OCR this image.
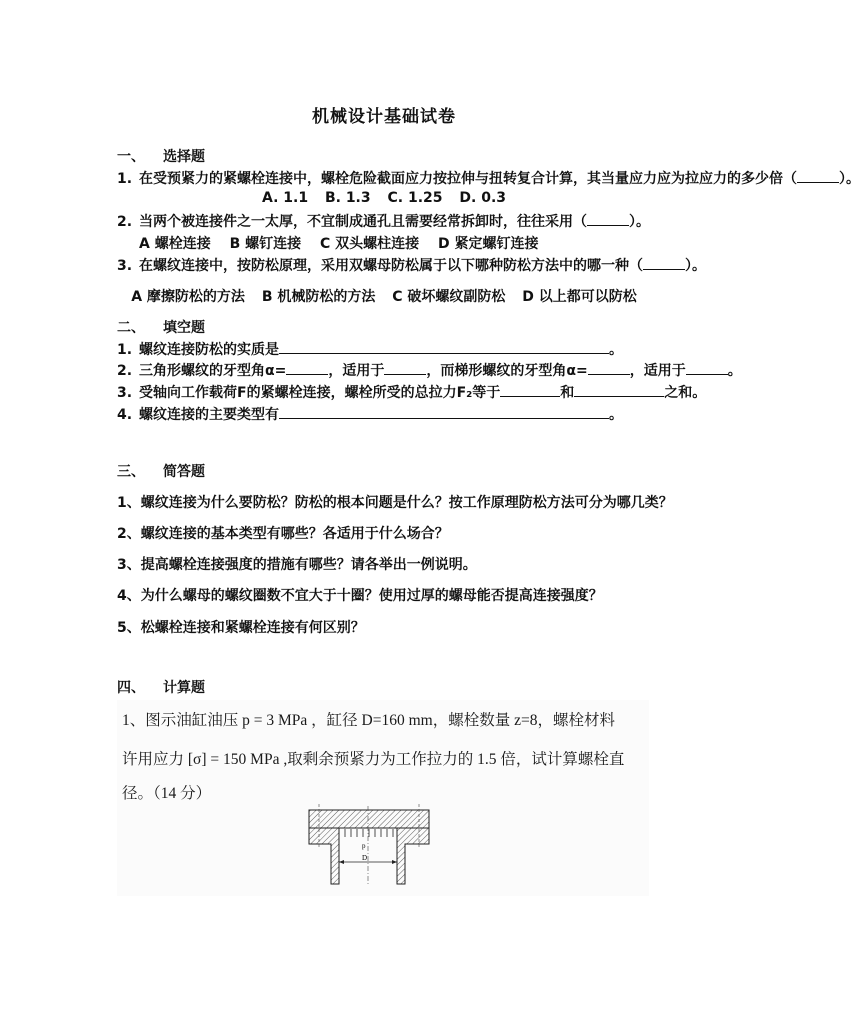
机械设计基础试卷
一、 选择题
1. 在受预紧力的紧螺栓连接中，螺栓危险截面应力按拉伸与扭转复合计算，其当量应力应为拉应力的多少倍（	）。
A. 1.1 B. 1.3 C. 1.25 D. 0.3
2. 当两个被连接件之一太厚，不宜制成通孔且需要经常拆卸时，往往采用（	）。
A 螺栓连接 B 螺钉连接 C 双头螺柱连接 D 紧定螺钉连接
3. 在螺纹连接中，按防松原理，采用双螺母防松属于以下哪种防松方法中的哪一种（	）。
A 摩擦防松的方法 B 机械防松的方法 C 破坏螺纹副防松 D 以上都可以防松
二、 填空题
1. 螺纹连接防松的实质是	。
2. 三角形螺纹的牙型角α=	，适用于	，而梯形螺纹的牙型角α=	，适用于	。
3. 受轴向工作载荷F的紧螺栓连接，螺栓所受的总拉力F₂等于	和	之和。
4. 螺纹连接的主要类型有	。
三、 简答题
1、螺纹连接为什么要防松？防松的根本问题是什么？按工作原理防松方法可分为哪几类？
2、螺纹连接的基本类型有哪些？各适用于什么场合？
3、提高螺栓连接强度的措施有哪些？请各举出一例说明。
4、为什么螺母的螺纹圈数不宜大于十圈？使用过厚的螺母能否提高连接强度？
5、松螺栓连接和紧螺栓连接有何区别？
四、 计算题
1、图示油缸油压 p = 3 MPa ，缸径 D=160 mm，螺栓数量 z=8，螺栓材料
许用应力 [σ] = 150 MPa ,取剩余预紧力为工作拉力的 1.5 倍，试计算螺栓直
径。（14 分）
p
D
